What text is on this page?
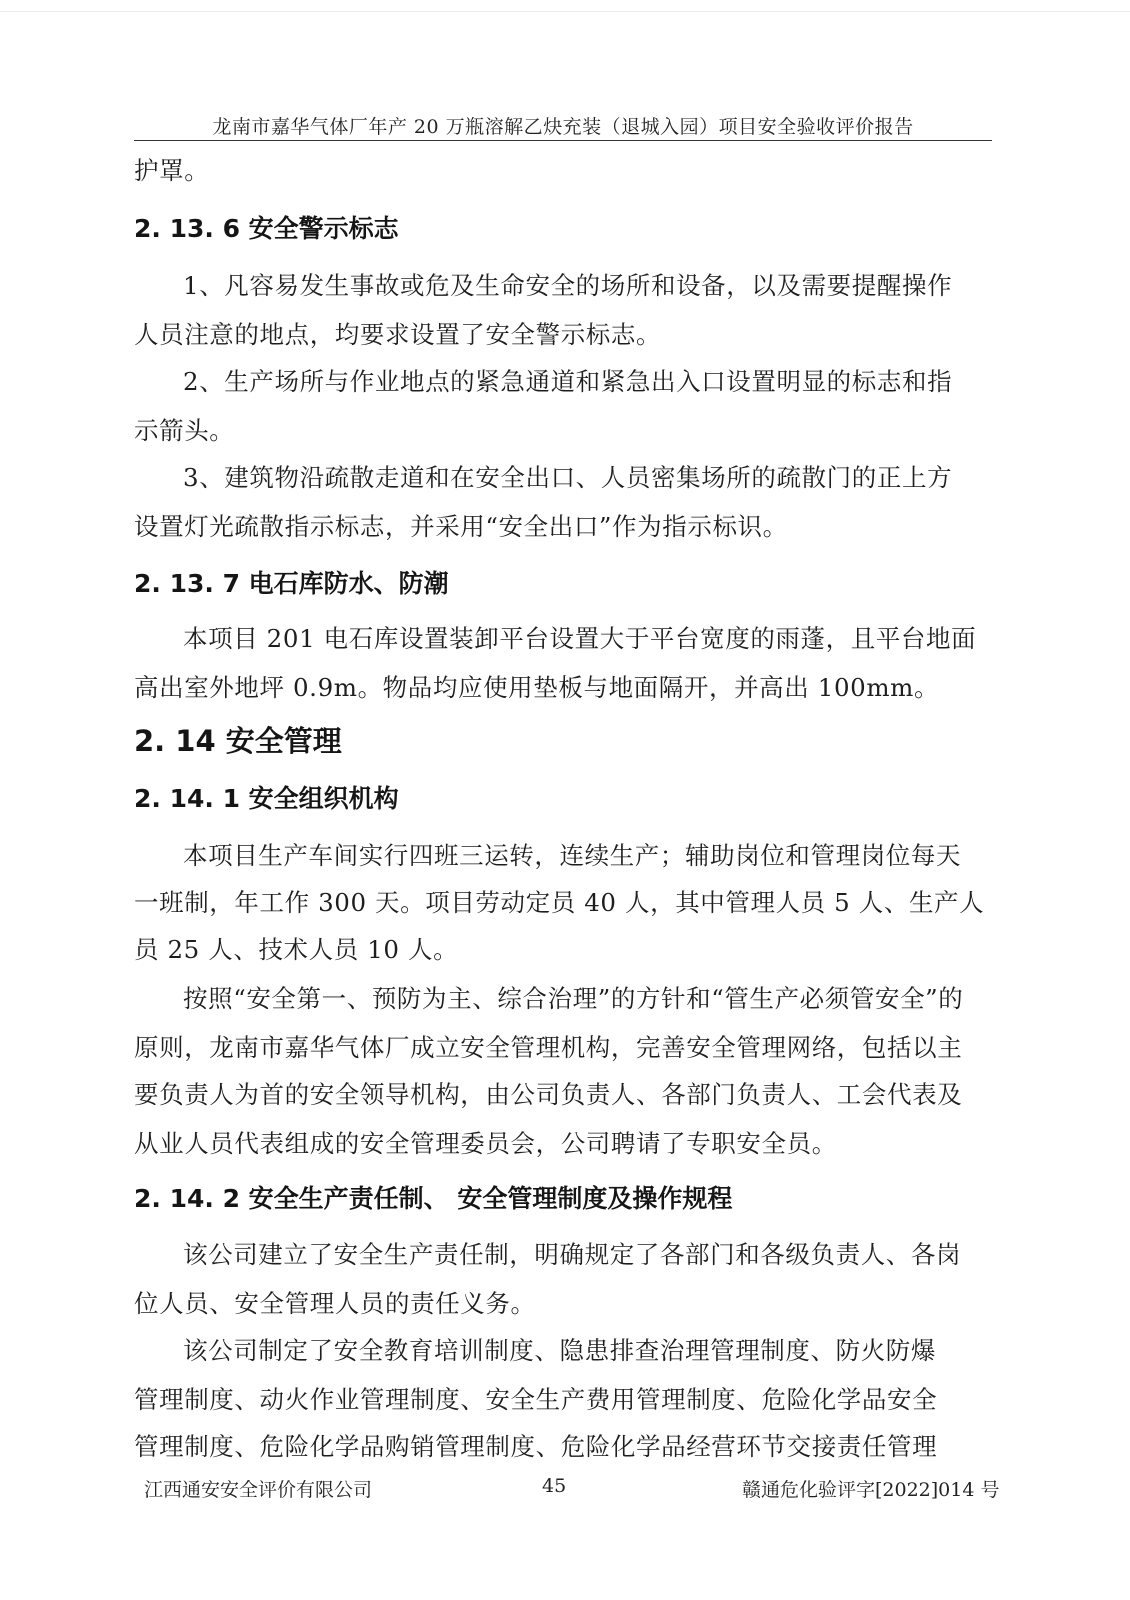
龙南市嘉华气体厂年产 20 万瓶溶解乙炔充装（退城入园）项目安全验收评价报告
护罩。
2. 13. 6 安全警示标志
1、凡容易发生事故或危及生命安全的场所和设备，以及需要提醒操作
人员注意的地点，均要求设置了安全警示标志。
2、生产场所与作业地点的紧急通道和紧急出入口设置明显的标志和指
示箭头。
3、建筑物沿疏散走道和在安全出口、人员密集场所的疏散门的正上方
设置灯光疏散指示标志，并采用“安全出口”作为指示标识。
2. 13. 7 电石库防水、防潮
本项目 201 电石库设置装卸平台设置大于平台宽度的雨蓬，且平台地面
高出室外地坪 0.9m。物品均应使用垫板与地面隔开，并高出 100mm。
2. 14 安全管理
2. 14. 1 安全组织机构
本项目生产车间实行四班三运转，连续生产；辅助岗位和管理岗位每天
一班制，年工作 300 天。项目劳动定员 40 人，其中管理人员 5 人、生产人
员 25 人、技术人员 10 人。
按照“安全第一、预防为主、综合治理”的方针和“管生产必须管安全”的
原则，龙南市嘉华气体厂成立安全管理机构，完善安全管理网络，包括以主
要负责人为首的安全领导机构，由公司负责人、各部门负责人、工会代表及
从业人员代表组成的安全管理委员会，公司聘请了专职安全员。
2. 14. 2 安全生产责任制、 安全管理制度及操作规程
该公司建立了安全生产责任制，明确规定了各部门和各级负责人、各岗
位人员、安全管理人员的责任义务。
该公司制定了安全教育培训制度、隐患排查治理管理制度、防火防爆
管理制度、动火作业管理制度、安全生产费用管理制度、危险化学品安全
管理制度、危险化学品购销管理制度、危险化学品经营环节交接责任管理
江西通安安全评价有限公司	45	赣通危化验评字[2022]014 号
